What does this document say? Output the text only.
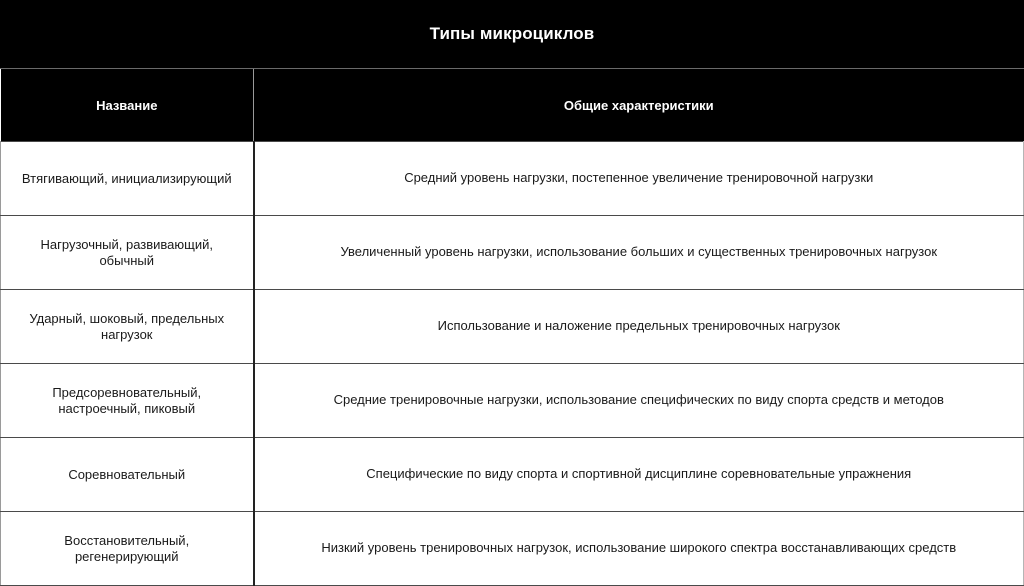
Типы микроциклов
Название	Общие характеристики
Втягивающий, инициализирующий	Средний уровень нагрузки, постепенное увеличение тренировочной нагрузки
Нагрузочный, развивающий, обычный	Увеличенный уровень нагрузки, использование больших и существенных тренировочных нагрузок
Ударный, шоковый, предельных нагрузок	Использование и наложение предельных тренировочных нагрузок
Предсоревновательный, настроечный, пиковый	Средние тренировочные нагрузки, использование специфических по виду спорта средств и методов
Соревновательный	Специфические по виду спорта и спортивной дисциплине соревновательные упражнения
Восстановительный, регенерирующий	Низкий уровень тренировочных нагрузок, использование широкого спектра восстанавливающих средств
